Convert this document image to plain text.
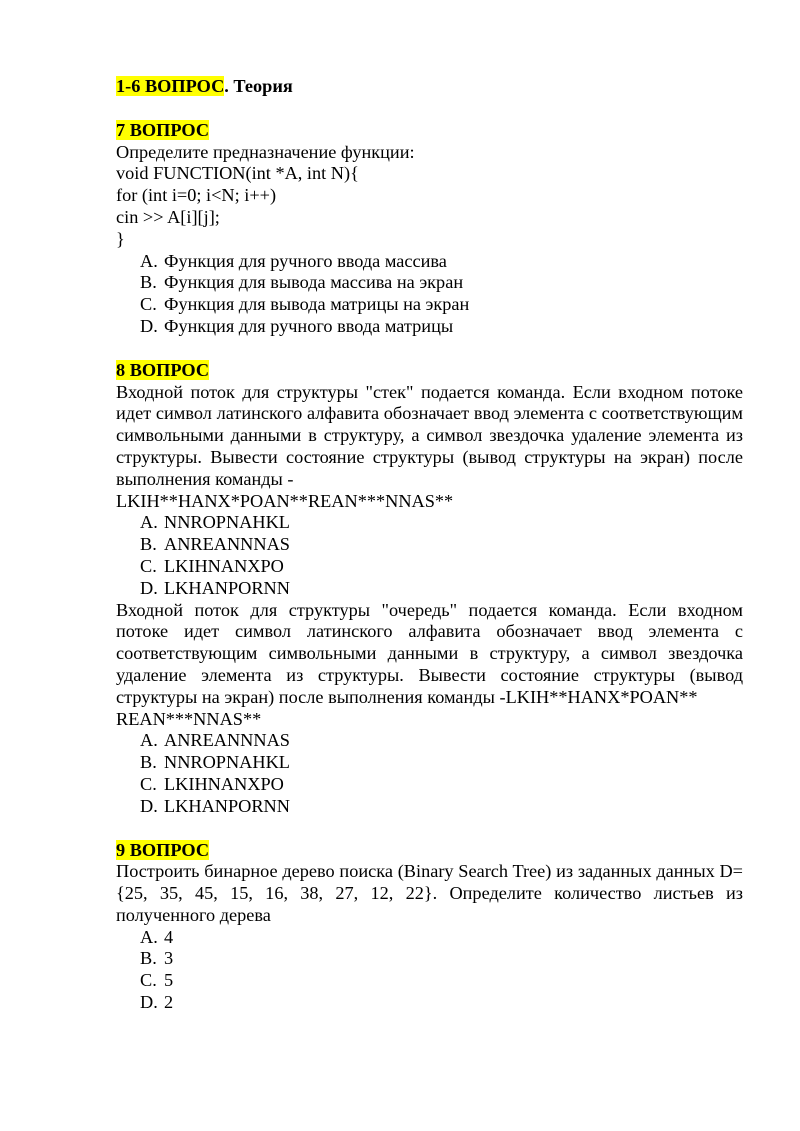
1-6 ВОПРОС. Теория
7 ВОПРОС
Определите предназначение функции:
void FUNCTION(int *A, int N){
for (int i=0; i<N; i++)
cin >> A[i][j];
}
A. Функция для ручного ввода массива
B. Функция для вывода массива на экран
C. Функция для вывода матрицы на экран
D. Функция для ручного ввода матрицы
8 ВОПРОС
Входной поток для структуры "стек" подается команда. Если входном потоке идет символ латинского алфавита обозначает ввод элемента с соответствующим символьными данными в структуру, а символ звездочка удаление элемента из структуры. Вывести состояние структуры (вывод структуры на экран) после выполнения команды -
LKIH**HANX*POAN**REAN***NNAS**
A. NNROPNAHKL
B. ANREANNNAS
C. LKIHNANXPO
D. LKHANPORNN
Входной поток для структуры "очередь" подается команда. Если входном потоке идет символ латинского алфавита обозначает ввод элемента с соответствующим символьными данными в структуру, а символ звездочка удаление элемента из структуры. Вывести состояние структуры (вывод структуры на экран) после выполнения команды -LKIH**HANX*POAN**
REAN***NNAS**
A. ANREANNNAS
B. NNROPNAHKL
C. LKIHNANXPO
D. LKHANPORNN
9 ВОПРОС
Построить бинарное дерево поиска (Binary Search Tree) из заданных данных D={25, 35, 45, 15, 16, 38, 27, 12, 22}. Определите количество листьев из полученного дерева
A. 4
B. 3
C. 5
D. 2
